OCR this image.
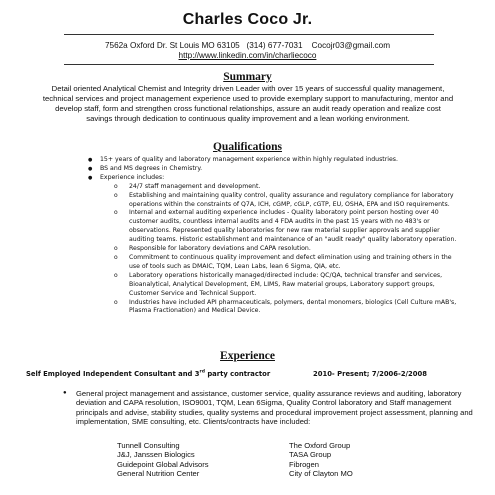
Charles Coco Jr.
7562a Oxford Dr. St Louis MO 63105 (314) 677-7031 Cocojr03@gmail.com
http://www.linkedin.com/in/charliecoco
Summary
Detail oriented Analytical Chemist and Integrity driven Leader with over 15 years of successful quality management, technical services and project management experience used to provide exemplary support to manufacturing, mentor and develop staff, form and strengthen cross functional relationships, assure an audit ready operation and realize cost savings through dedication to continuous quality improvement and a lean working environment.
Qualifications
● 15+ years of quality and laboratory management experience within highly regulated industries.
● BS and MS degrees in Chemistry.
● Experience includes:
o 24/7 staff management and development.
o Establishing and maintaining quality control, quality assurance and regulatory compliance for laboratory operations within the constraints of Q7A, ICH, cGMP, cGLP, cGTP, EU, OSHA, EPA and ISO requirements.
o Internal and external auditing experience includes - Quality laboratory point person hosting over 40 customer audits, countless internal audits and 4 FDA audits in the past 15 years with no 483's or observations. Represented quality laboratories for new raw material supplier approvals and supplier auditing teams. Historic establishment and maintenance of an "audit ready" quality laboratory operation.
o Responsible for laboratory deviations and CAPA resolution.
o Commitment to continuous quality improvement and defect elimination using and training others in the use of tools such as DMAIC, TQM, Lean Labs, lean 6 Sigma, QIA, etc.
o Laboratory operations historically managed/directed include: QC/QA, technical transfer and services, Bioanalytical, Analytical Development, EM, LIMS, Raw material groups, Laboratory support groups, Customer Service and Technical Support.
o Industries have included API pharmaceuticals, polymers, dental monomers, biologics (Cell Culture mAB's, Plasma Fractionation) and Medical Device.
Experience
Self Employed Independent Consultant and 3rd party contractor	2010- Present; 7/2006-2/2008
● General project management and assistance, customer service, quality assurance reviews and auditing, laboratory deviation and CAPA resolution, ISO9001, TQM, Lean 6Sigma, Quality Control laboratory and Staff management principals and advise, stability studies, quality systems and procedural improvement project assessment, planning and implementation, SME consulting, etc. Clients/contracts have included:
Tunnell Consulting
J&J, Janssen Biologics
Guidepoint Global Advisors
General Nutrition Center
The Oxford Group
TASA Group
Fibrogen
City of Clayton MO
